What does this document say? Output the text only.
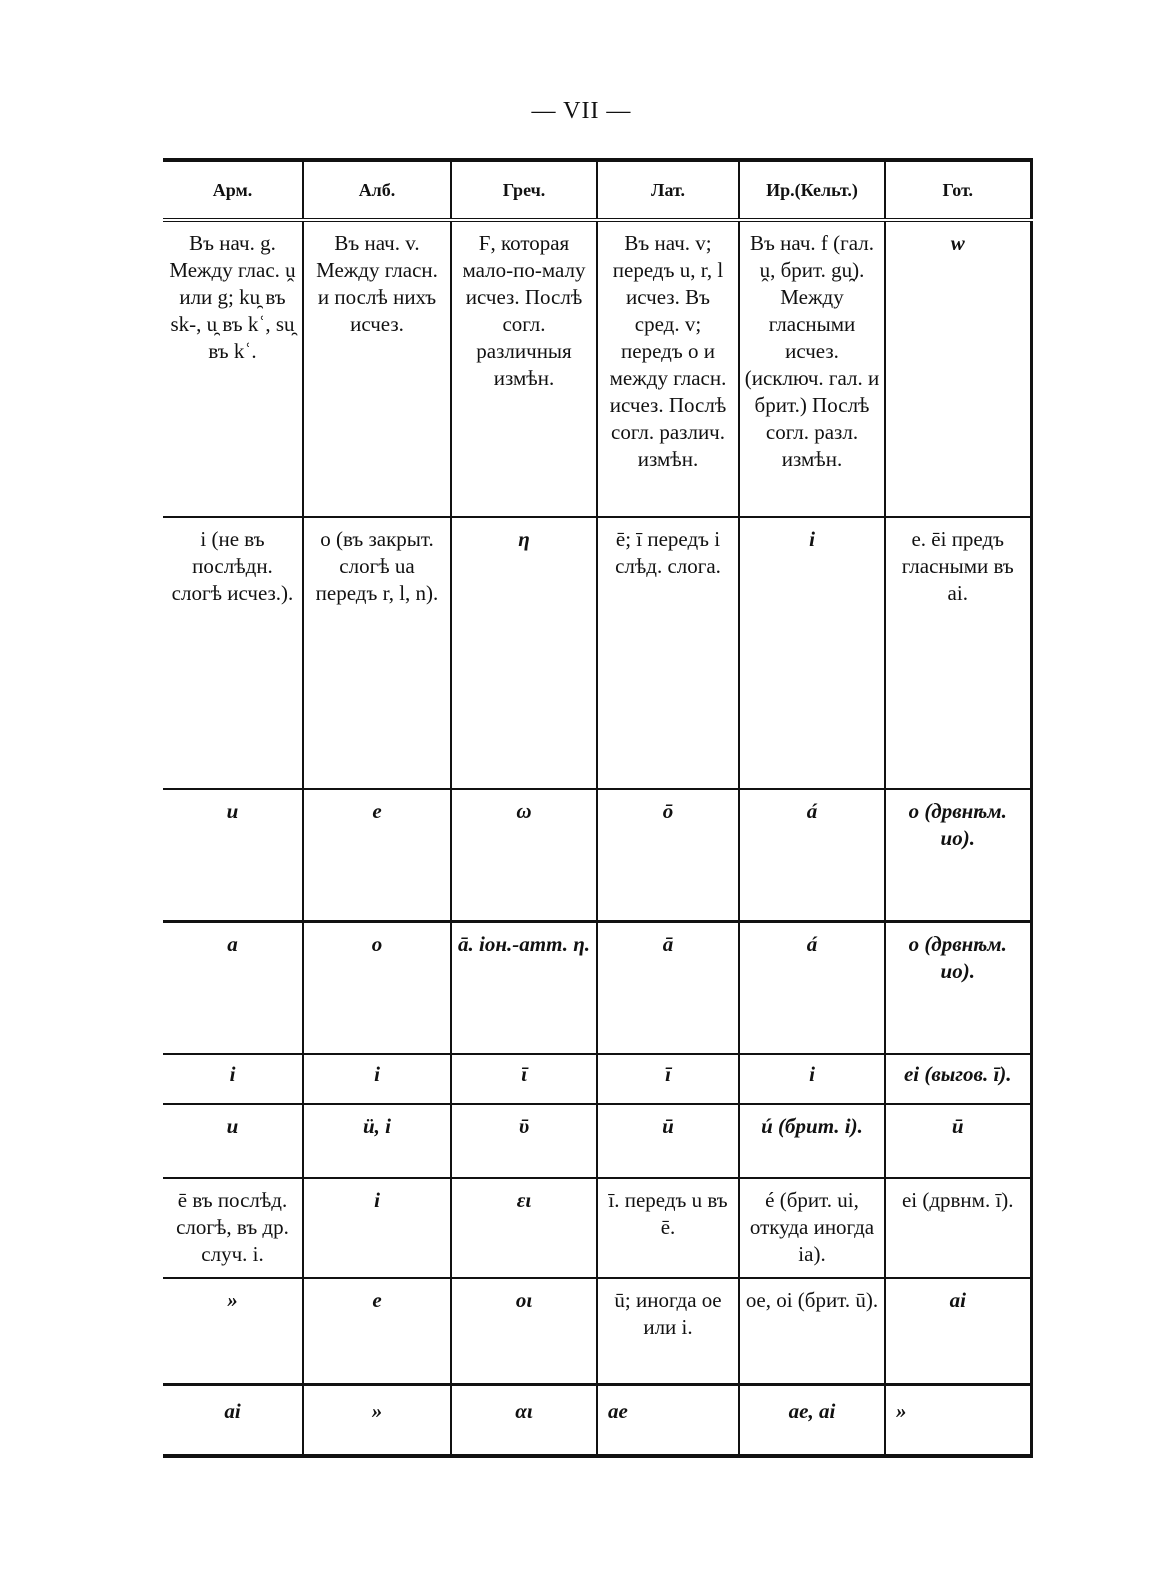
— VII —
Арм.	Алб.	Греч.	Лат.	Ир.(Кельт.)	Гот.
Въ нач. g. Между глас. ṷ или g; ku̯ въ sk-, u̯ въ kʿ, su̯ въ kʿ.	Въ нач. v. Между гласн. и послѣ нихъ исчез.	Ϝ, которая мало-по-малу исчез. Послѣ согл. различныя измѣн.	Въ нач. v; передъ u, r, l исчез. Въ сред. v; передъ o и между гласн. исчез. Послѣ согл. различ. измѣн.	Въ нач. f (гал. ṷ, брит. gu̯). Между гласными исчез. (исключ. гал. и брит.) Послѣ согл. разл. измѣн.	w
i (не въ послѣдн. слогѣ исчез.).	o (въ закрыт. слогѣ ua передъ r, l, n).	η	ē; ī передъ i слѣд. слога.	i	e. ēi предъ гласными въ ai.
u	e	ω	ō	á	o (дрвнѣм. uo).
a	o	ā. іон.-атт. η.	ā	á	o (дрвнѣм. uo).
i	i	ῑ	ī	i	ei (выгов. ī).
u	ü, i	ῡ	ū	ú (брит. i).	ū
ē въ послѣд. слогѣ, въ др. случ. i.	i	ει	ī. передъ u въ ē.	é (брит. ui, откуда иногда ia).	ei (дрвнм. ī).
»	e	οι	ū; иногда oe или i.	oe, oi (брит. ū).	ai
ai	»	αι	ae	ae, ai	»
